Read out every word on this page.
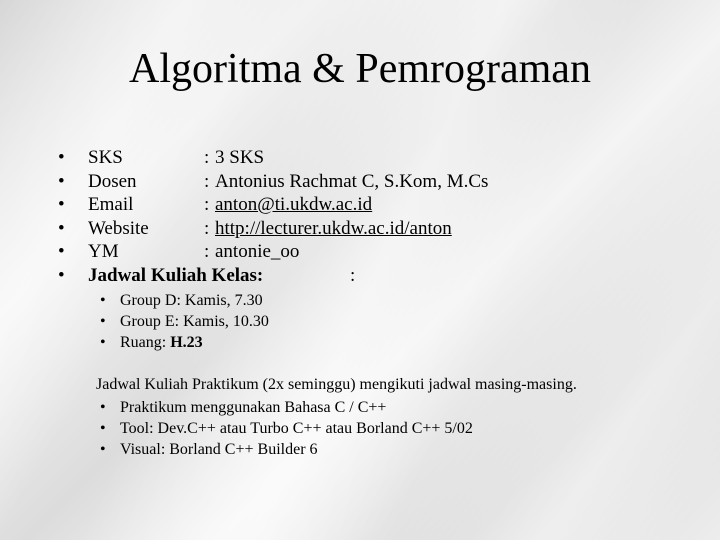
Algoritma & Pemrograman
• SKS	: 3 SKS
• Dosen	: Antonius Rachmat C, S.Kom, M.Cs
• Email	: anton@ti.ukdw.ac.id
• Website	: http://lecturer.ukdw.ac.id/anton
• YM	: antonie_oo
• Jadwal Kuliah Kelas:	:
• Group D: Kamis, 7.30
• Group E: Kamis, 10.30
• Ruang: H.23
Jadwal Kuliah Praktikum (2x seminggu) mengikuti jadwal masing-masing.
• Praktikum menggunakan Bahasa C / C++
• Tool: Dev.C++ atau Turbo C++ atau Borland C++ 5/02
• Visual: Borland C++ Builder 6
